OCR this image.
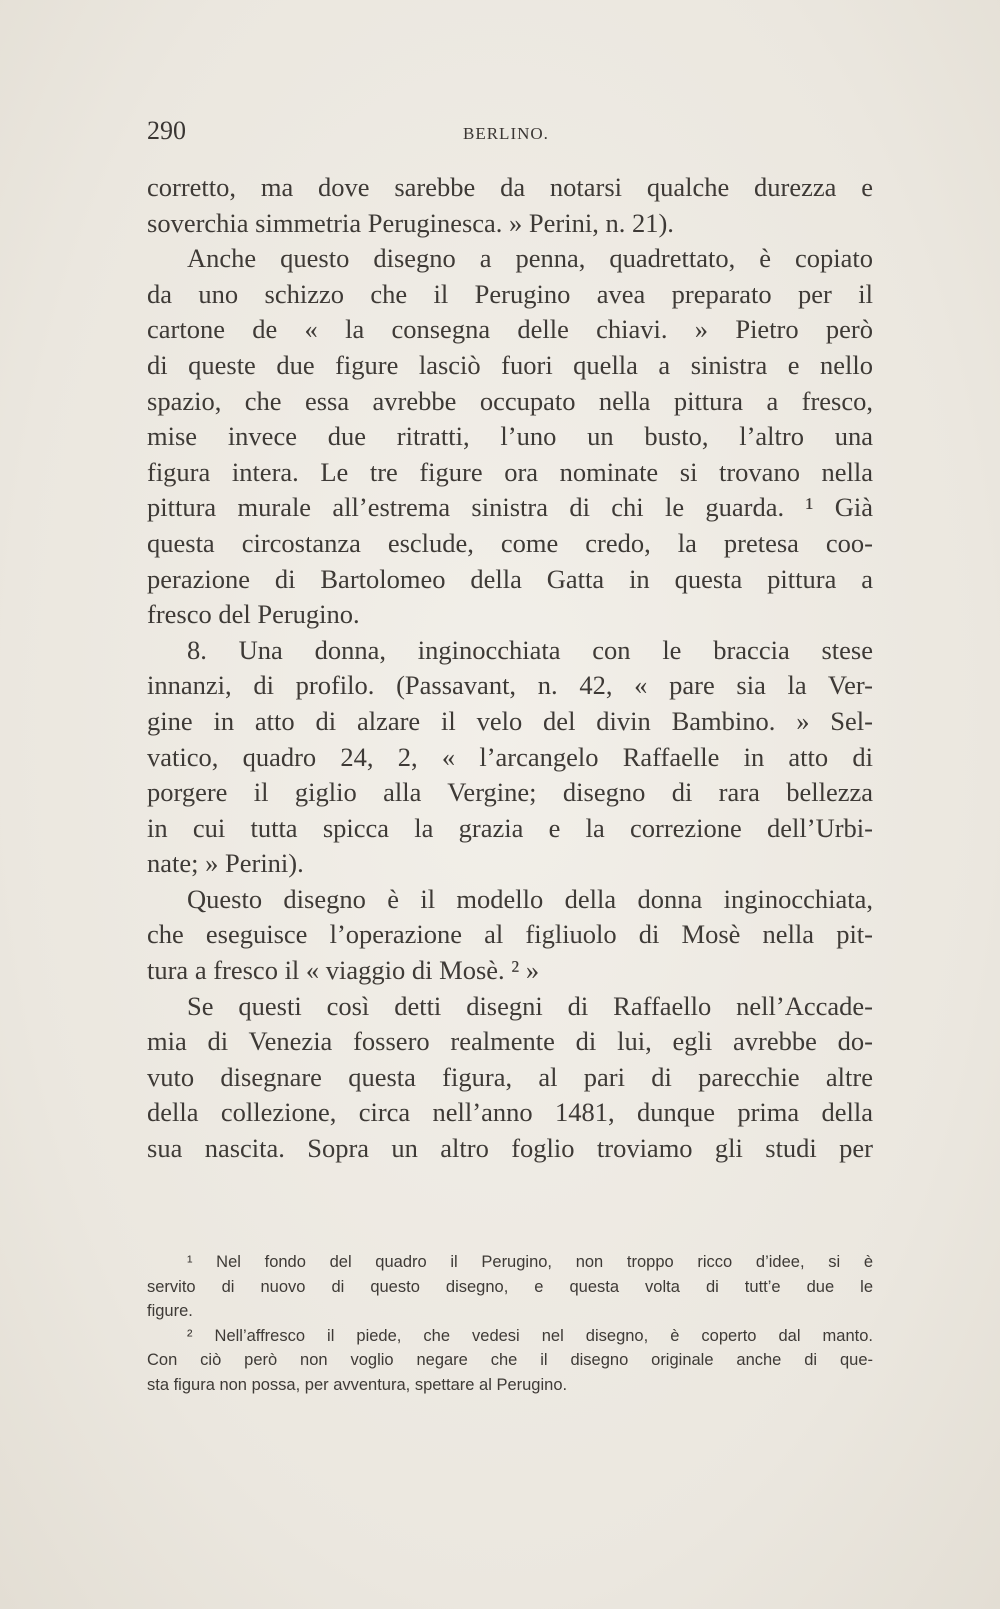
290	BERLINO.
corretto, ma dove sarebbe da notarsi qualche durezza e
soverchia simmetria Peruginesca. » Perini, n. 21).
Anche questo disegno a penna, quadrettato, è copiato
da uno schizzo che il Perugino avea preparato per il
cartone de « la consegna delle chiavi. » Pietro però
di queste due figure lasciò fuori quella a sinistra e nello
spazio, che essa avrebbe occupato nella pittura a fresco,
mise invece due ritratti, l’uno un busto, l’altro una
figura intera. Le tre figure ora nominate si trovano nella
pittura murale all’estrema sinistra di chi le guarda. ¹ Già
questa circostanza esclude, come credo, la pretesa coo-
perazione di Bartolomeo della Gatta in questa pittura a
fresco del Perugino.
8. Una donna, inginocchiata con le braccia stese
innanzi, di profilo. (Passavant, n. 42, « pare sia la Ver-
gine in atto di alzare il velo del divin Bambino. » Sel-
vatico, quadro 24, 2, « l’arcangelo Raffaelle in atto di
porgere il giglio alla Vergine; disegno di rara bellezza
in cui tutta spicca la grazia e la correzione dell’Urbi-
nate; » Perini).
Questo disegno è il modello della donna inginocchiata,
che eseguisce l’operazione al figliuolo di Mosè nella pit-
tura a fresco il « viaggio di Mosè. ² »
Se questi così detti disegni di Raffaello nell’Accade-
mia di Venezia fossero realmente di lui, egli avrebbe do-
vuto disegnare questa figura, al pari di parecchie altre
della collezione, circa nell’anno 1481, dunque prima della
sua nascita. Sopra un altro foglio troviamo gli studi per
¹ Nel fondo del quadro il Perugino, non troppo ricco d’idee, si è
servito di nuovo di questo disegno, e questa volta di tutt’e due le
figure.
² Nell’affresco il piede, che vedesi nel disegno, è coperto dal manto.
Con ciò però non voglio negare che il disegno originale anche di que-
sta figura non possa, per avventura, spettare al Perugino.
